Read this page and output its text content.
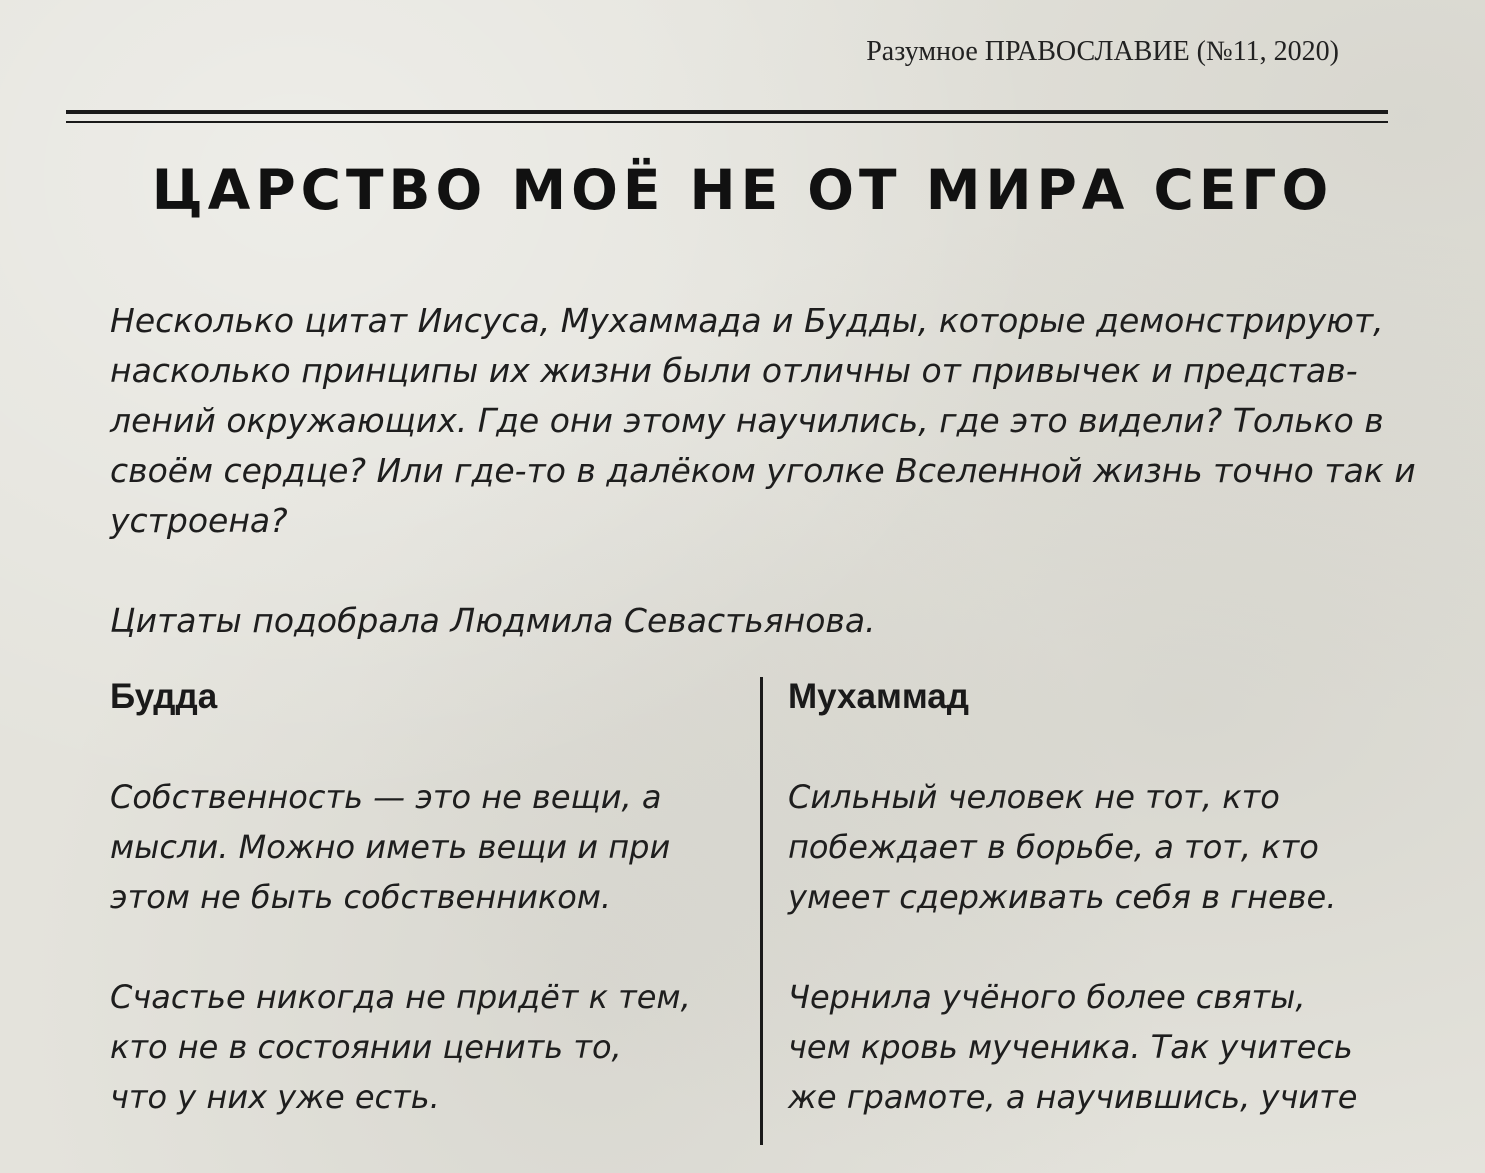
Разумное ПРАВОСЛАВИЕ (№11, 2020)
ЦАРСТВО МОЁ НЕ ОТ МИРА СЕГО

Несколько цитат Иисуса, Мухаммада и Будды, которые демонстрируют,

насколько принципы их жизни были отличны от привычек и представ-

лений окружающих. Где они этому научились, где это видели? Только в

своём сердце? Или где-то в далёком уголке Вселенной жизнь точно так и

устроена?

Цитаты подобрала Людмила Севастьянова.
Будда
Собственность — это не вещи, а
мысли. Можно иметь вещи и при
этом не быть собственником.
Счастье никогда не придёт к тем,
кто не в состоянии ценить то,
что у них уже есть.
Мухаммад
Сильный человек не тот, кто
побеждает в борьбе, а тот, кто
умеет сдерживать себя в гневе.
Чернила учёного более святы,
чем кровь мученика. Так учитесь
же грамоте, а научившись, учите
